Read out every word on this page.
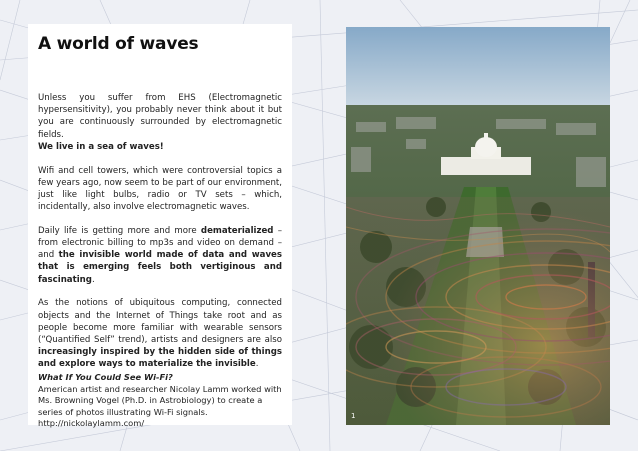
A world of waves

Unless you suffer from EHS (Electromagnetic hypersensitivity), you probably never think about it but you are continuously surrounded by electromagnetic fields.
We live in a sea of waves!

Wifi and cell towers, which were controversial topics a few years ago, now seem to be part of our environment, just like light bulbs, radio or TV sets – which, incidentally, also involve electromagnetic waves.

Daily life is getting more and more dematerialized – from electronic billing to mp3s and video on demand – and the invisible world made of data and waves that is emerging feels both vertiginous and fascinating.

As the notions of ubiquitous computing, connected objects and the Internet of Things take root and as people become more familiar with wearable sensors (“Quantified Self” trend), artists and designers are also increasingly inspired by the hidden side of things and explore ways to materialize the invisible.

What If You Could See Wi-Fi?

American artist and researcher Nicolay Lamm worked with Ms. Browning Vogel (Ph.D. in Astrobiology) to create a series of photos illustrating Wi-Fi signals. http://nickolaylamm.com/

1
